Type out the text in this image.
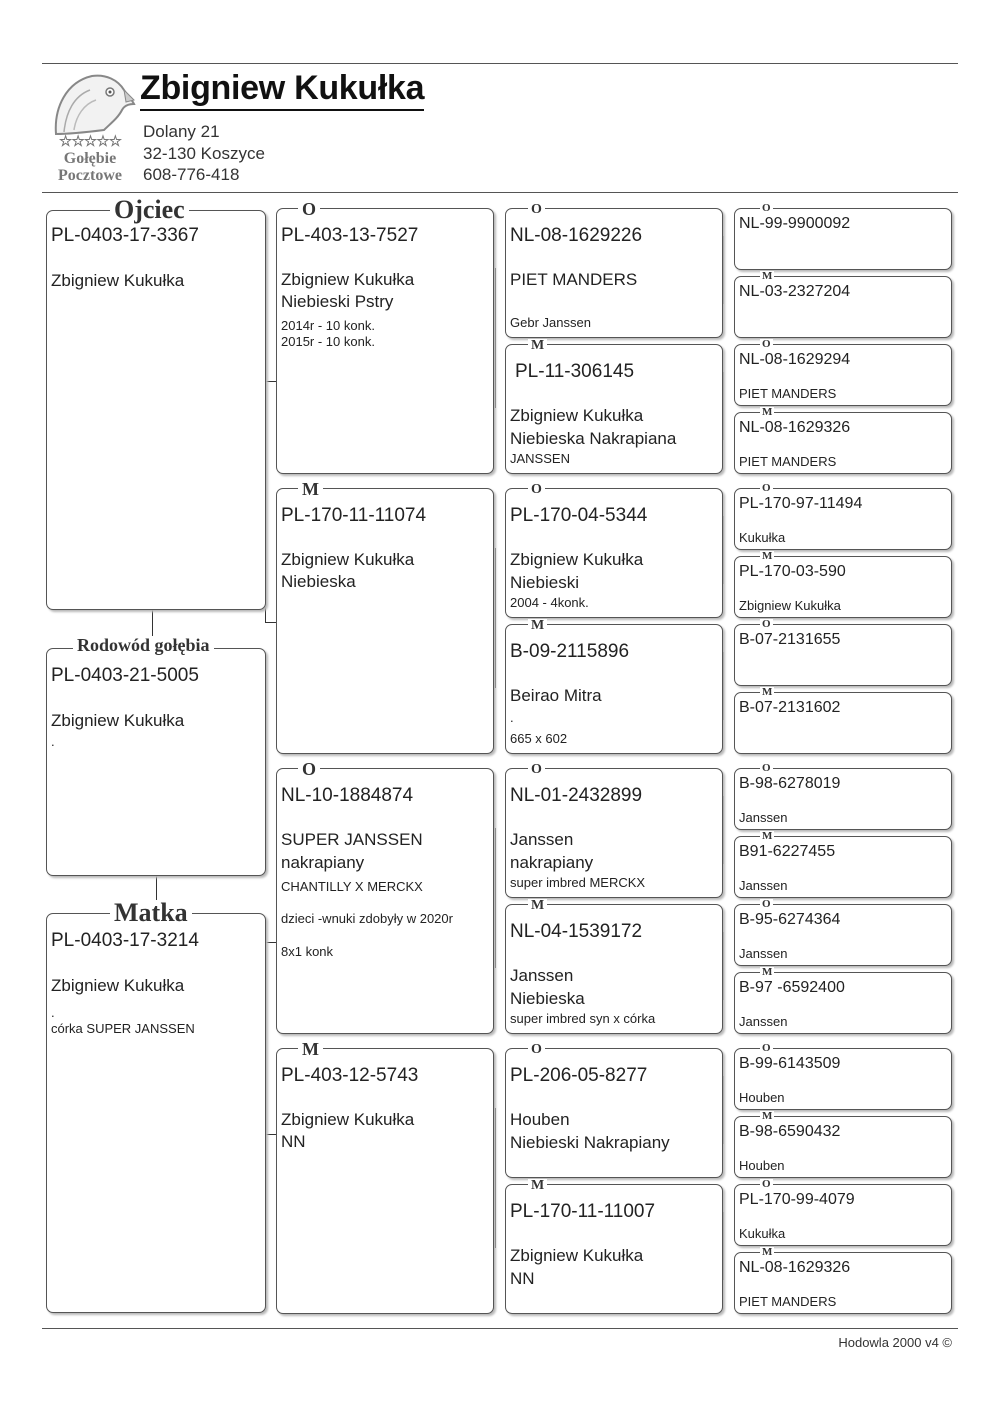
☆☆☆☆☆
Gołębie
Pocztowe
Zbigniew Kukułka
Dolany 21
32-130 Koszyce
608-776-418
PL-0403-17-3367
Zbigniew Kukułka
Ojciec
PL-0403-21-5005
Zbigniew Kukułka
.
Rodowód gołębia
PL-0403-17-3214
Zbigniew Kukułka
.
córka SUPER JANSSEN
Matka
PL-403-13-7527
Zbigniew Kukułka
Niebieski Pstry
2014r - 10 konk.
2015r - 10 konk.
O
PL-170-11-11074
Zbigniew Kukułka
Niebieska
M
NL-10-1884874
SUPER JANSSEN
nakrapiany
CHANTILLY X MERCKX
dzieci -wnuki zdobyły w 2020r
8x1 konk
O
PL-403-12-5743
Zbigniew Kukułka
NN
M
NL-08-1629226
PIET MANDERS
Gebr Janssen
O
PL-11-306145
Zbigniew Kukułka
Niebieska Nakrapiana
JANSSEN
M
PL-170-04-5344
Zbigniew Kukułka
Niebieski
2004 - 4konk.
O
B-09-2115896
Beirao Mitra
.
665 x 602
M
NL-01-2432899
Janssen
nakrapiany
super imbred MERCKX
O
NL-04-1539172
Janssen
Niebieska
super imbred syn x córka
M
PL-206-05-8277
Houben
Niebieski Nakrapiany
O
PL-170-11-11007
Zbigniew Kukułka
NN
M
NL-99-9900092
O
NL-03-2327204
M
NL-08-1629294
PIET MANDERS
O
NL-08-1629326
PIET MANDERS
M
PL-170-97-11494
Kukułka
O
PL-170-03-590
Zbigniew Kukułka
M
B-07-2131655
O
B-07-2131602
M
B-98-6278019
Janssen
O
B91-6227455
Janssen
M
B-95-6274364
Janssen
O
B-97 -6592400
Janssen
M
B-99-6143509
Houben
O
B-98-6590432
Houben
M
PL-170-99-4079
Kukułka
O
NL-08-1629326
PIET MANDERS
M
Hodowla 2000 v4 ©
